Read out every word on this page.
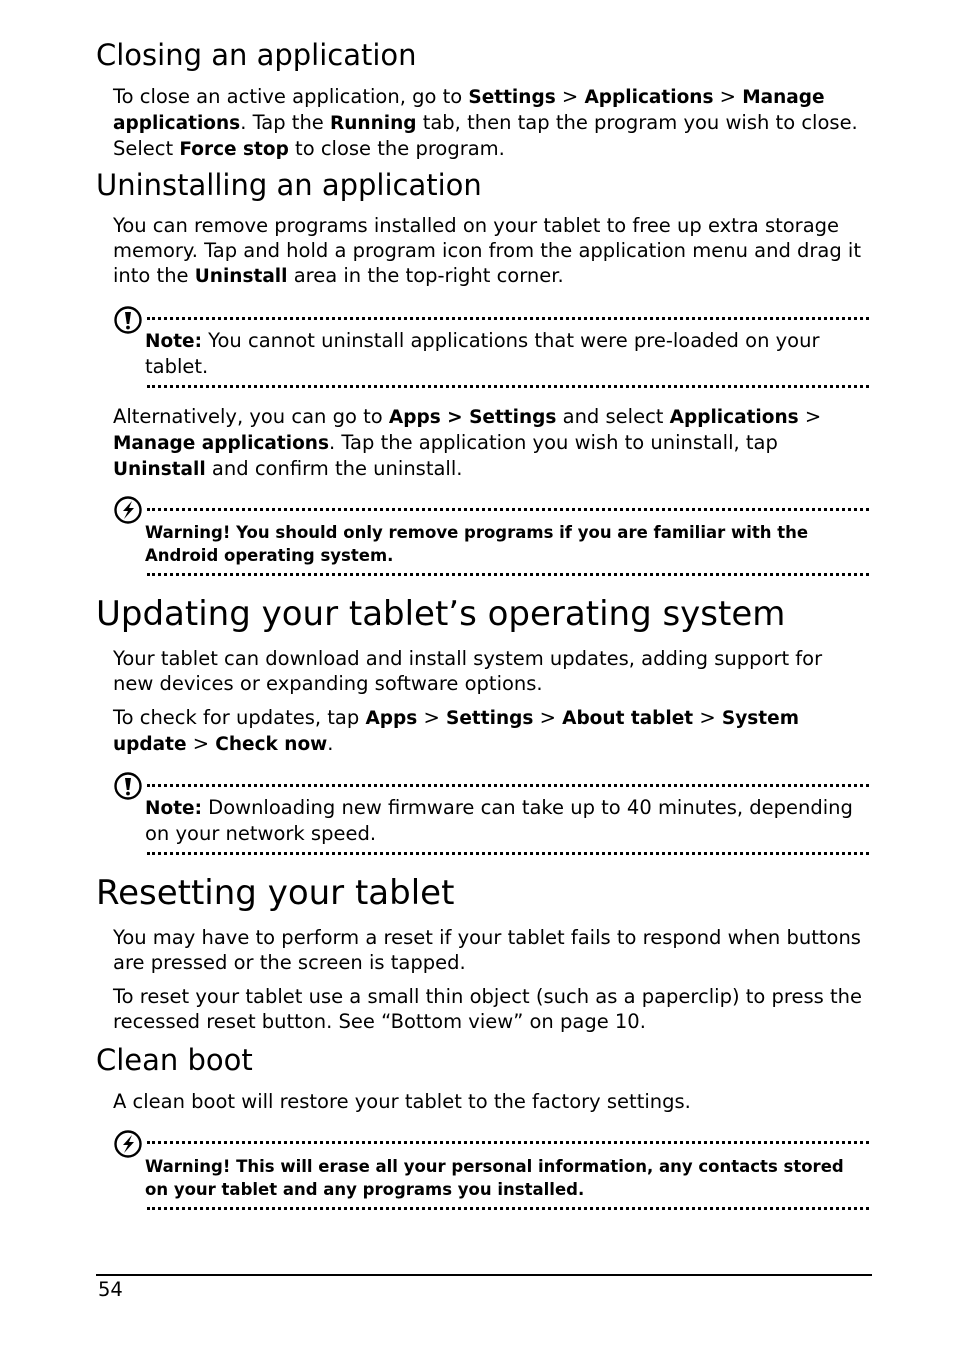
Closing an application

To close an active application, go to Settings > Applications > Manage applications. Tap the Running tab, then tap the program you wish to close. Select Force stop to close the program.

Uninstalling an application

You can remove programs installed on your tablet to free up extra storage memory. Tap and hold a program icon from the application menu and drag it into the Uninstall area in the top-right corner.

Note: You cannot uninstall applications that were pre-loaded on your tablet.

Alternatively, you can go to Apps > Settings and select Applications > Manage applications. Tap the application you wish to uninstall, tap Uninstall and confirm the uninstall.

Warning! You should only remove programs if you are familiar with the Android operating system.
Updating your tablet’s operating system

Your tablet can download and install system updates, adding support for new devices or expanding software options.

To check for updates, tap Apps > Settings > About tablet > System update > Check now.

Note: Downloading new firmware can take up to 40 minutes, depending on your network speed.
Resetting your tablet

You may have to perform a reset if your tablet fails to respond when buttons are pressed or the screen is tapped.

To reset your tablet use a small thin object (such as a paperclip) to press the recessed reset button. See “Bottom view” on page 10.

Clean boot

A clean boot will restore your tablet to the factory settings.

Warning! This will erase all your personal information, any contacts stored on your tablet and any programs you installed.
54
